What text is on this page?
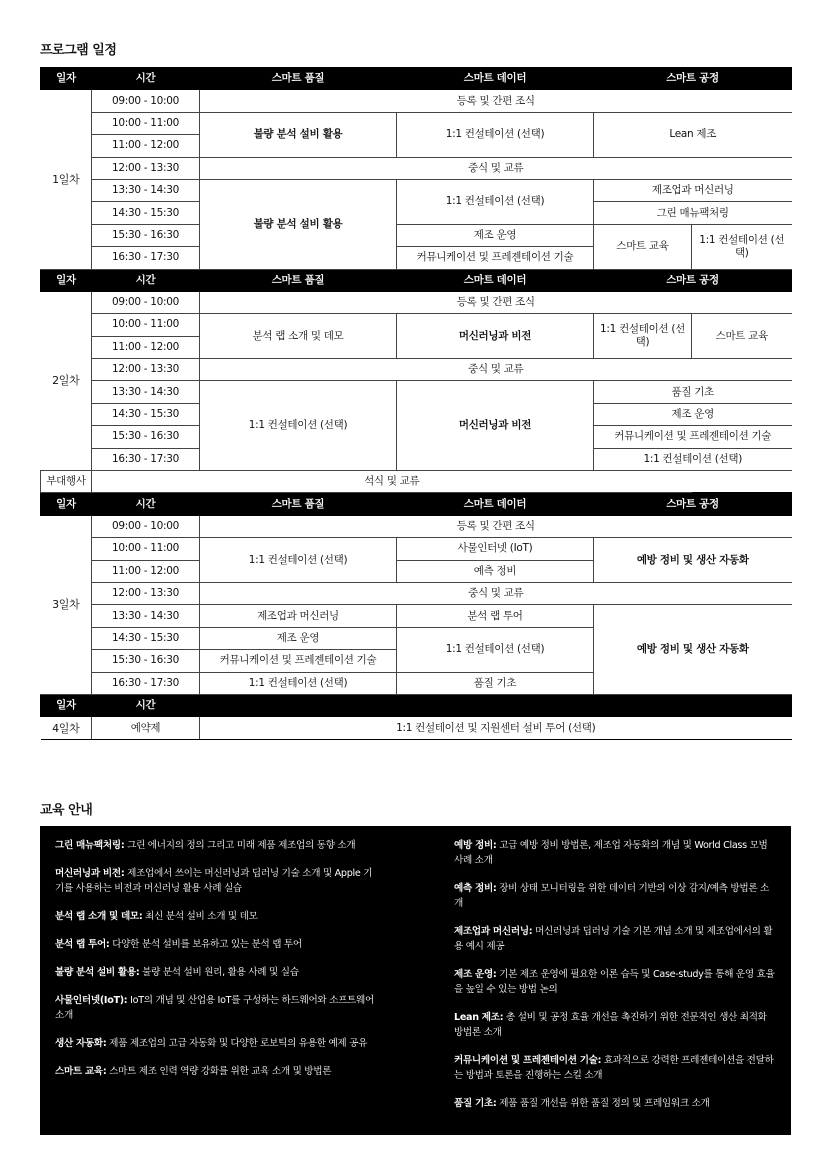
프로그램 일정
일자	시간	스마트 품질	스마트 데이터	스마트 공정	
1일차	09:00 - 10:00	등록 및 간편 조식			
	10:00 - 11:00	불량 분석 설비 활용	1:1 컨설테이션 (선택)	Lean 제조	
	11:00 - 12:00				
	12:00 - 13:30	중식 및 교류			
	13:30 - 14:30	불량 분석 설비 활용	1:1 컨설테이션 (선택)	제조업과 머신러닝	
	14:30 - 15:30			그린 매뉴팩처링	
	15:30 - 16:30		제조 운영	스마트 교육	1:1 컨설테이션 (선택)
	16:30 - 17:30		커뮤니케이션 및 프레젠테이션 기술		
일자	시간	스마트 품질	스마트 데이터	스마트 공정	
2일차	09:00 - 10:00	등록 및 간편 조식			
	10:00 - 11:00	분석 랩 소개 및 데모	머신러닝과 비전	1:1 컨설테이션 (선택)	스마트 교육
	11:00 - 12:00				
	12:00 - 13:30	중식 및 교류			
	13:30 - 14:30	1:1 컨설테이션 (선택)	머신러닝과 비전	품질 기초	
	14:30 - 15:30			제조 운영	
	15:30 - 16:30			커뮤니케이션 및 프레젠테이션 기술	
	16:30 - 17:30			1:1 컨설테이션 (선택)	
부대행사	석식 및 교류				
일자	시간	스마트 품질	스마트 데이터	스마트 공정	
3일차	09:00 - 10:00	등록 및 간편 조식			
	10:00 - 11:00	1:1 컨설테이션 (선택)	사물인터넷 (IoT)	예방 정비 및 생산 자동화	
	11:00 - 12:00		예측 정비		
	12:00 - 13:30	중식 및 교류			
	13:30 - 14:30	제조업과 머신러닝	분석 랩 투어	예방 정비 및 생산 자동화	
	14:30 - 15:30	제조 운영	1:1 컨설테이션 (선택)		
	15:30 - 16:30	커뮤니케이션 및 프레젠테이션 기술			
	16:30 - 17:30	1:1 컨설테이션 (선택)	품질 기초		
일자	시간				
4일차	예약제	1:1 컨설테이션 및 지원센터 설비 투어 (선택)			
교육 안내
그린 매뉴팩처링: 그린 에너지의 정의 그리고 미래 제품 제조업의 동향 소개
머신러닝과 비전: 제조업에서 쓰이는 머신러닝과 딥러닝 기술 소개 및 Apple 기기를 사용하는 비전과 머신러닝 활용 사례 실습
분석 랩 소개 및 데모: 최신 분석 설비 소개 및 데모
분석 랩 투어: 다양한 분석 설비를 보유하고 있는 분석 랩 투어
불량 분석 설비 활용: 불량 분석 설비 원리, 활용 사례 및 실습
사물인터넷(IoT): IoT의 개념 및 산업용 IoT를 구성하는 하드웨어와 소프트웨어 소개
생산 자동화: 제품 제조업의 고급 자동화 및 다양한 로보틱의 유용한 예제 공유
스마트 교육: 스마트 제조 인력 역량 강화를 위한 교육 소개 및 방법론
예방 정비: 고급 예방 정비 방법론, 제조업 자동화의 개념 및 World Class 모범 사례 소개
예측 정비: 장비 상태 모니터링을 위한 데이터 기반의 이상 감지/예측 방법론 소개
제조업과 머신러닝: 머신러닝과 딥러닝 기술 기본 개념 소개 및 제조업에서의 활용 예시 제공
제조 운영: 기본 제조 운영에 필요한 이론 습득 및 Case-study를 통해 운영 효율을 높일 수 있는 방법 논의
Lean 제조: 총 설비 및 공정 효율 개선을 촉진하기 위한 전문적인 생산 최적화 방법론 소개
커뮤니케이션 및 프레젠테이션 기술: 효과적으로 강력한 프레젠테이션을 전달하는 방법과 토론을 진행하는 스킬 소개
품질 기초: 제품 품질 개선을 위한 품질 정의 및 프레임워크 소개
